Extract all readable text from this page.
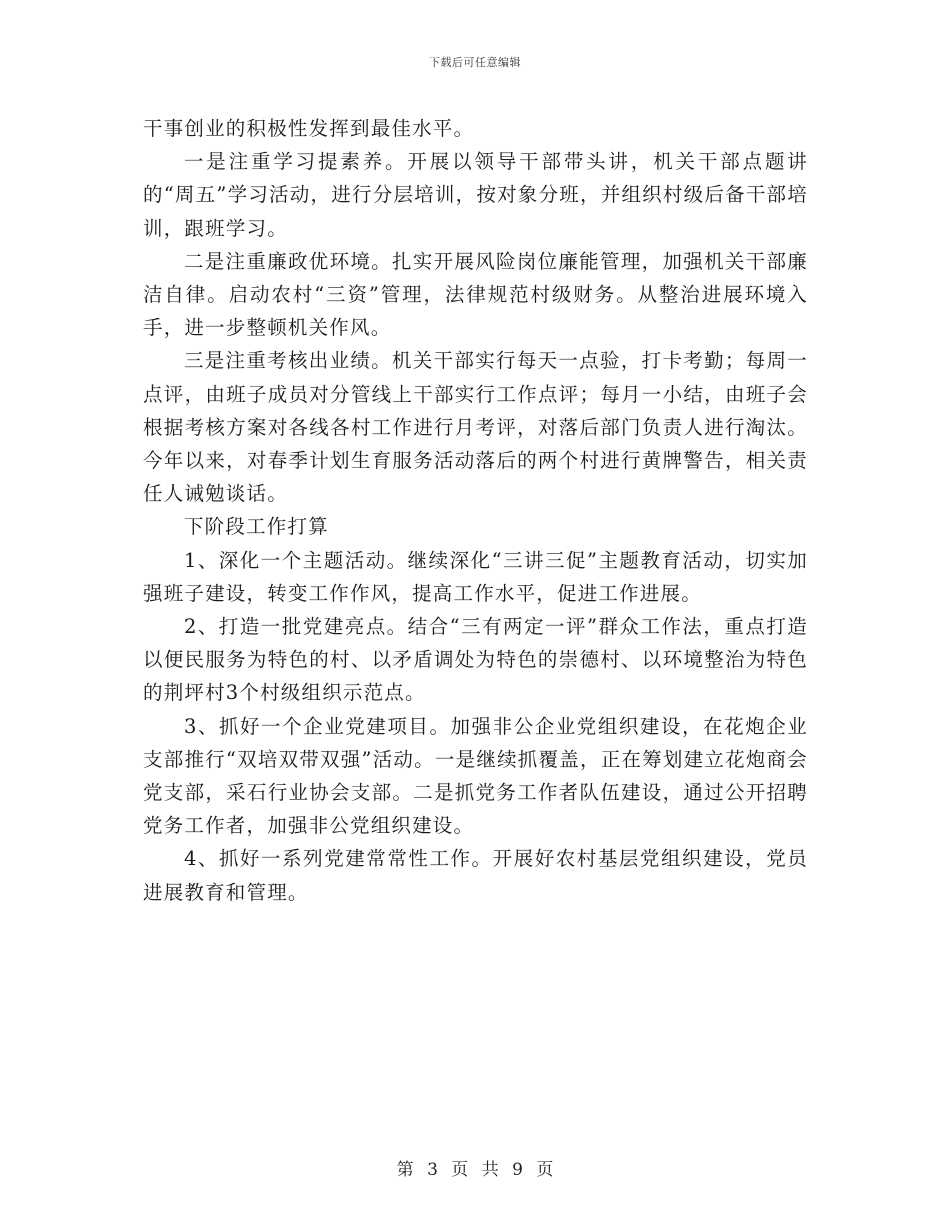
下载后可任意编辑

干事创业的积极性发挥到最佳水平。

一是注重学习提素养。开展以领导干部带头讲，机关干部点题讲的“周五”学习活动，进行分层培训，按对象分班，并组织村级后备干部培训，跟班学习。

二是注重廉政优环境。扎实开展风险岗位廉能管理，加强机关干部廉洁自律。启动农村“三资”管理，法律规范村级财务。从整治进展环境入手，进一步整顿机关作风。

三是注重考核出业绩。机关干部实行每天一点验，打卡考勤；每周一点评，由班子成员对分管线上干部实行工作点评；每月一小结，由班子会根据考核方案对各线各村工作进行月考评，对落后部门负责人进行淘汰。今年以来，对春季计划生育服务活动落后的两个村进行黄牌警告，相关责任人诫勉谈话。

下阶段工作打算

1、深化一个主题活动。继续深化“三讲三促”主题教育活动，切实加强班子建设，转变工作作风，提高工作水平，促进工作进展。

2、打造一批党建亮点。结合“三有两定一评”群众工作法，重点打造以便民服务为特色的村、以矛盾调处为特色的崇德村、以环境整治为特色的荆坪村3个村级组织示范点。

3、抓好一个企业党建项目。加强非公企业党组织建设，在花炮企业支部推行“双培双带双强”活动。一是继续抓覆盖，正在筹划建立花炮商会党支部，采石行业协会支部。二是抓党务工作者队伍建设，通过公开招聘党务工作者，加强非公党组织建设。

4、抓好一系列党建常常性工作。开展好农村基层党组织建设，党员进展教育和管理。

第 3 页 共 9 页
